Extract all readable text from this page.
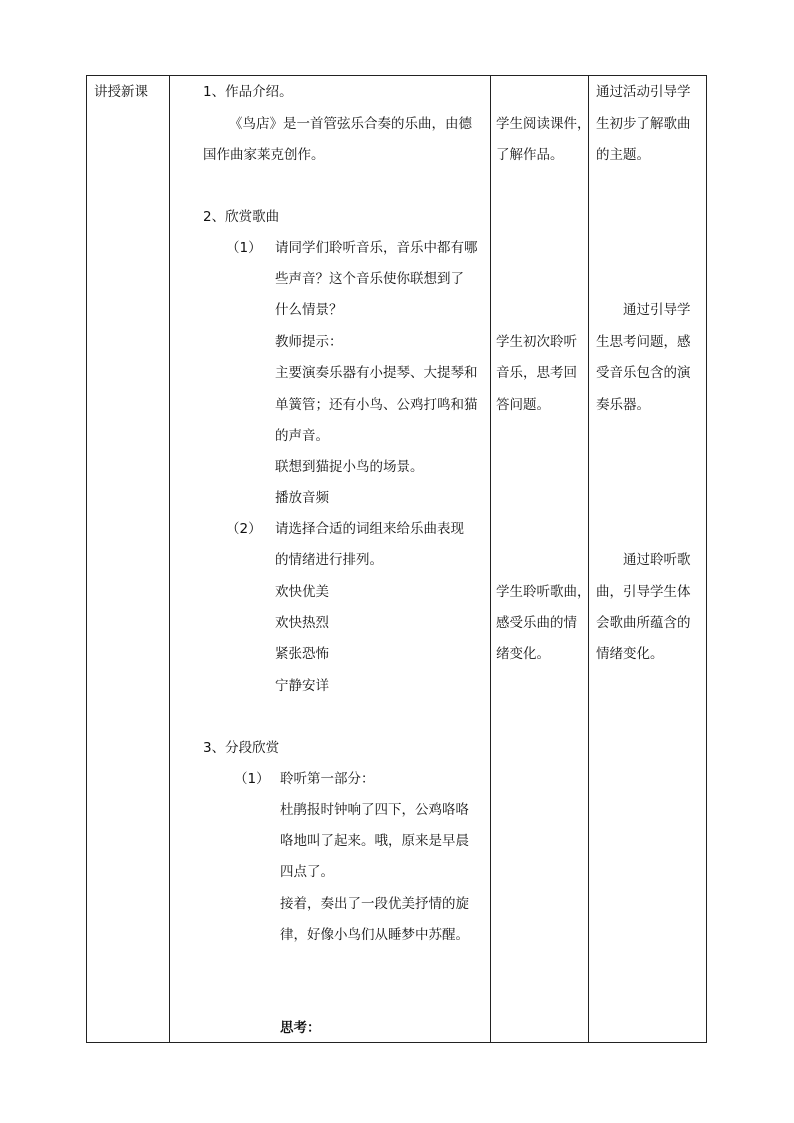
讲授新课	1、作品介绍。
《鸟店》是一首管弦乐合奏的乐曲，由德
国作曲家莱克创作。
2、欣赏歌曲
（1） 请同学们聆听音乐，音乐中都有哪
些声音？这个音乐使你联想到了
什么情景？
教师提示：
主要演奏乐器有小提琴、大提琴和
单簧管；还有小鸟、公鸡打鸣和猫
的声音。
联想到猫捉小鸟的场景。
播放音频
（2） 请选择合适的词组来给乐曲表现
的情绪进行排列。
欢快优美
欢快热烈
紧张恐怖
宁静安详
3、分段欣赏
（1） 聆听第一部分：
杜鹃报时钟响了四下，公鸡咯咯
咯地叫了起来。哦，原来是早晨
四点了。
接着，奏出了一段优美抒情的旋
律，好像小鸟们从睡梦中苏醒。
思考：
学生阅读课件，
了解作品。
学生初次聆听
音乐，思考回
答问题。
学生聆听歌曲，
感受乐曲的情
绪变化。
通过活动引导学
生初步了解歌曲
的主题。
通过引导学
生思考问题，感
受音乐包含的演
奏乐器。
通过聆听歌
曲，引导学生体
会歌曲所蕴含的
情绪变化。
